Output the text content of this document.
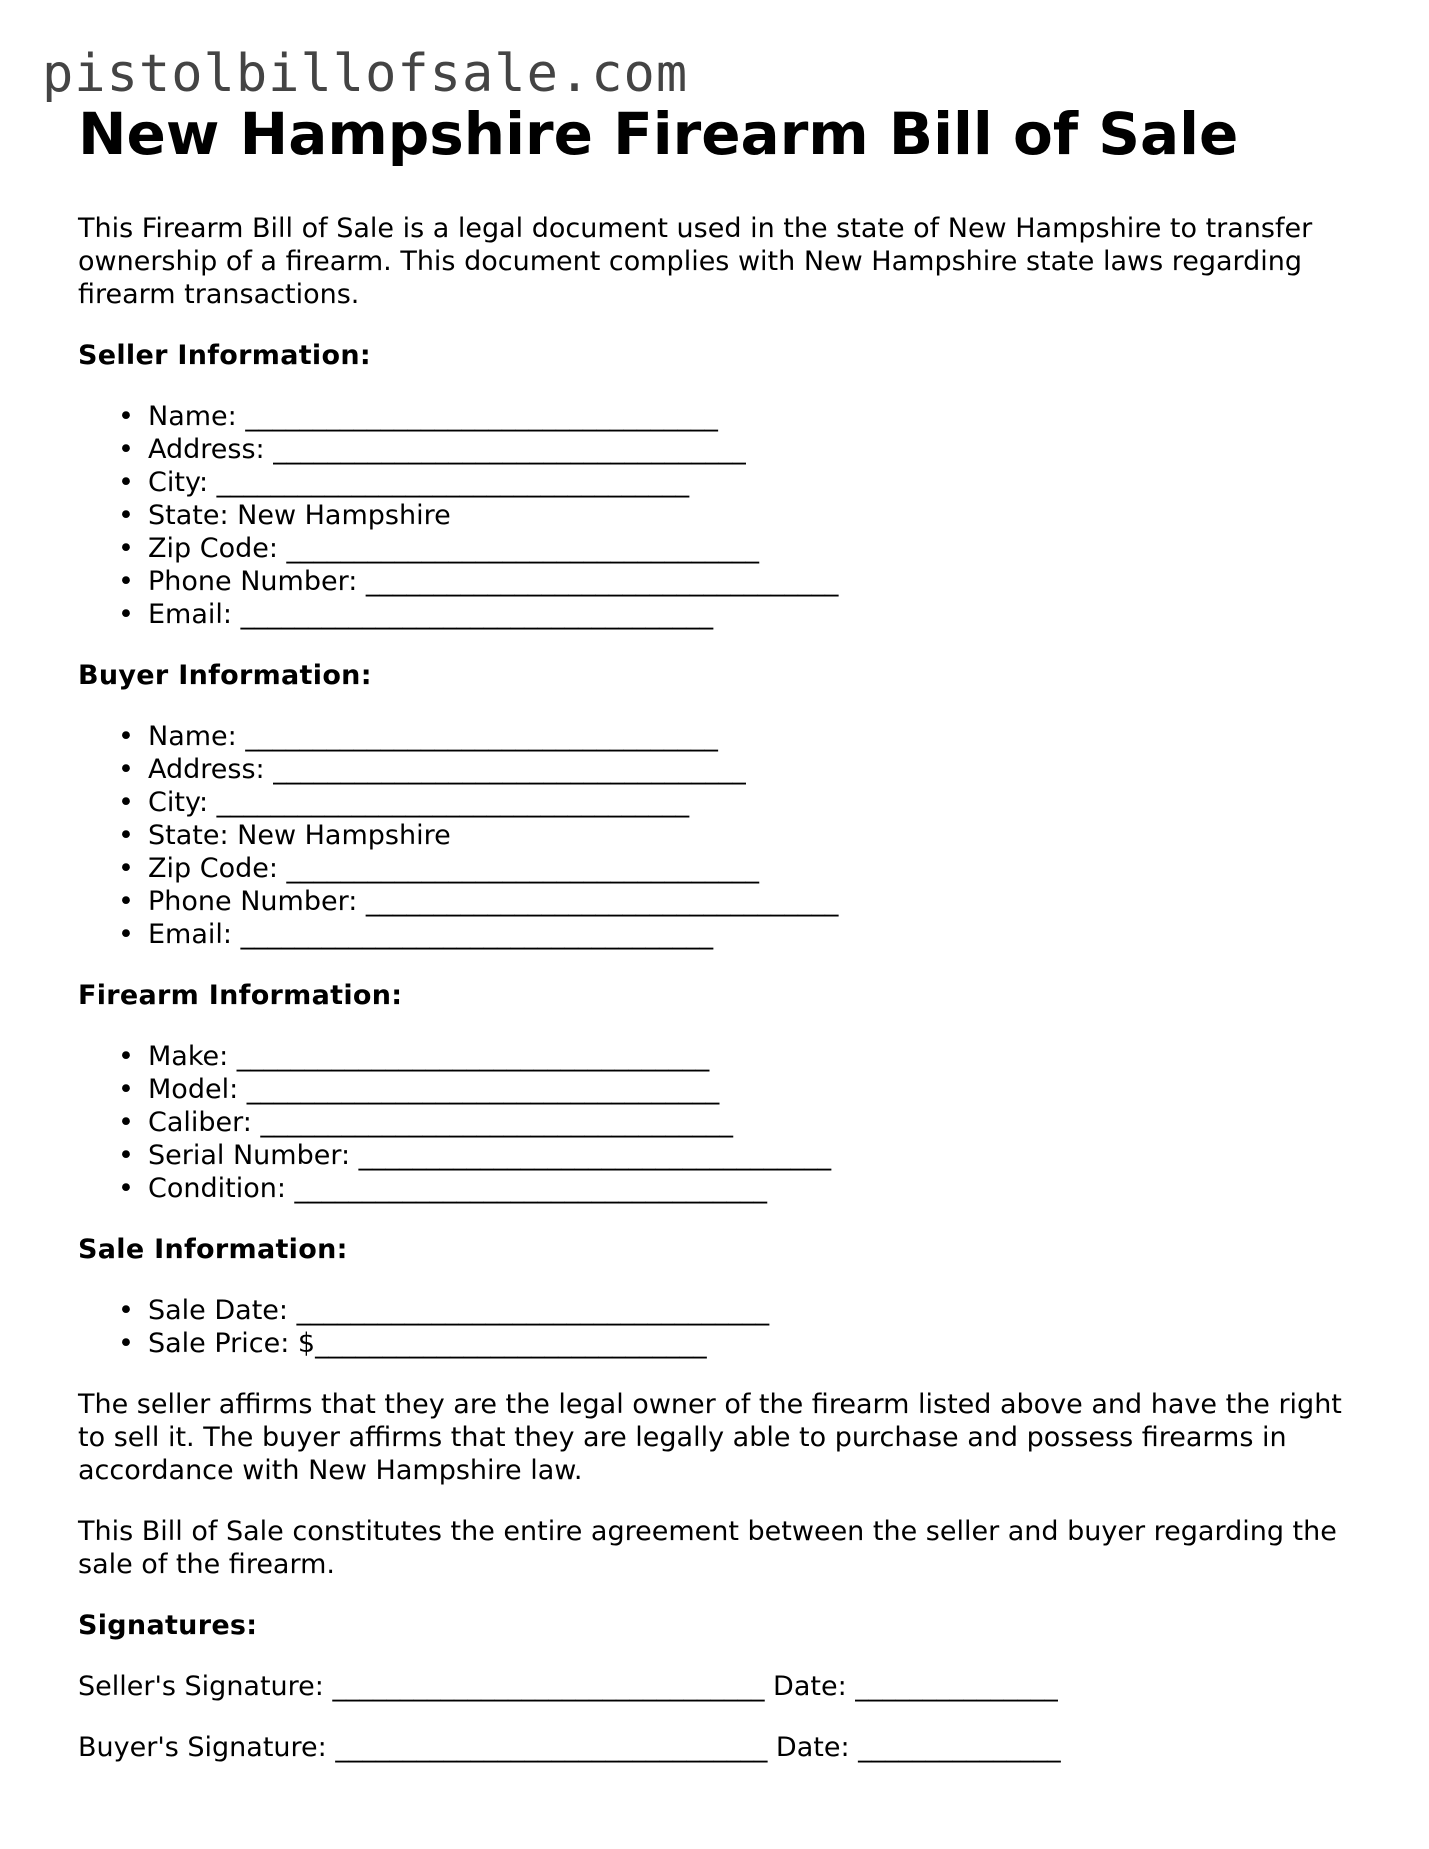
pistolbillofsale.com
New Hampshire Firearm Bill of Sale

This Firearm Bill of Sale is a legal document used in the state of New Hampshire to transfer ownership of a firearm. This document complies with New Hampshire state laws regarding firearm transactions.

Seller Information:
• Name: ___________________________________
• Address: ___________________________________
• City: ___________________________________
• State: New Hampshire
• Zip Code: ___________________________________
• Phone Number: ___________________________________
• Email: ___________________________________
Buyer Information:
• Name: ___________________________________
• Address: ___________________________________
• City: ___________________________________
• State: New Hampshire
• Zip Code: ___________________________________
• Phone Number: ___________________________________
• Email: ___________________________________
Firearm Information:
• Make: ___________________________________
• Model: ___________________________________
• Caliber: ___________________________________
• Serial Number: ___________________________________
• Condition: ___________________________________
Sale Information:
• Sale Date: ___________________________________
• Sale Price: $_____________________________

The seller affirms that they are the legal owner of the firearm listed above and have the right to sell it. The buyer affirms that they are legally able to purchase and possess firearms in accordance with New Hampshire law.

This Bill of Sale constitutes the entire agreement between the seller and buyer regarding the sale of the firearm.

Signatures:
Seller's Signature: ________________________________ Date: _______________
Buyer's Signature: ________________________________ Date: _______________
